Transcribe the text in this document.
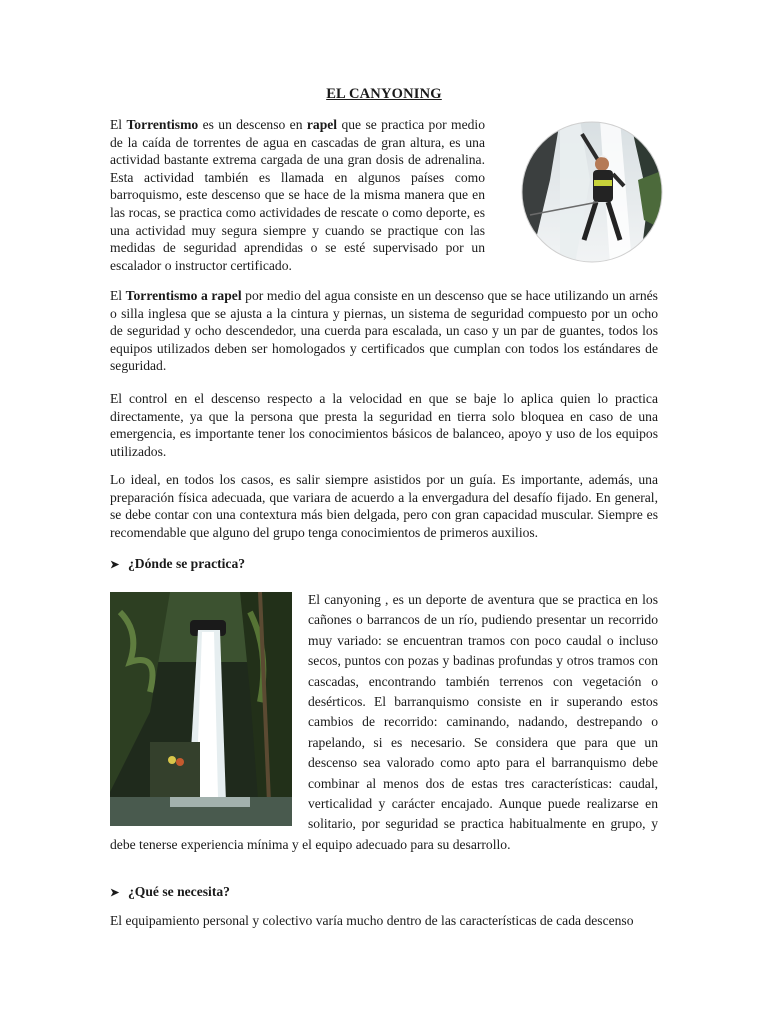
EL CANYONING

El Torrentismo es un descenso en rapel que se practica por medio de la caída de torrentes de agua en cascadas de gran altura, es una actividad bastante extrema cargada de una gran dosis de adrenalina. Esta actividad también es llamada en algunos países como barroquismo, este descenso que se hace de la misma manera que en las rocas, se practica como actividades de rescate o como deporte, es una actividad muy segura siempre y cuando se practique con las medidas de seguridad aprendidas o se esté supervisado por un escalador o instructor certificado.

El Torrentismo a rapel por medio del agua consiste en un descenso que se hace utilizando un arnés o silla inglesa que se ajusta a la cintura y piernas, un sistema de seguridad compuesto por un ocho de seguridad y ocho descendedor, una cuerda para escalada, un caso y un par de guantes, todos los equipos utilizados deben ser homologados y certificados que cumplan con todos los estándares de seguridad.

El control en el descenso respecto a la velocidad en que se baje lo aplica quien lo practica directamente, ya que la persona que presta la seguridad en tierra solo bloquea en caso de una emergencia, es importante tener los conocimientos básicos de balanceo, apoyo y uso de los equipos utilizados.

Lo ideal, en todos los casos, es salir siempre asistidos por un guía. Es importante, además, una preparación física adecuada, que variara de acuerdo a la envergadura del desafío fijado. En general, se debe contar con una contextura más bien delgada, pero con gran capacidad muscular. Siempre es recomendable que alguno del grupo tenga conocimientos de primeros auxilios.

➤ ¿Dónde se practica?
El canyoning , es un deporte de aventura que se practica en los cañones o barrancos de un río, pudiendo presentar un recorrido muy variado: se encuentran tramos con poco caudal o incluso secos, puntos con pozas y badinas profundas y otros tramos con cascadas, encontrando también terrenos con vegetación o desérticos. El barranquismo consiste en ir superando estos cambios de recorrido: caminando, nadando, destrepando o rapelando, si es necesario. Se considera que para que un descenso sea valorado como apto para el barranquismo debe combinar al menos dos de estas tres características: caudal, verticalidad y carácter encajado. Aunque puede realizarse en solitario, por seguridad se practica habitualmente en grupo, y debe tenerse experiencia mínima y el equipo adecuado para su desarrollo.
➤ ¿Qué se necesita?

El equipamiento personal y colectivo varía mucho dentro de las características de cada descenso
